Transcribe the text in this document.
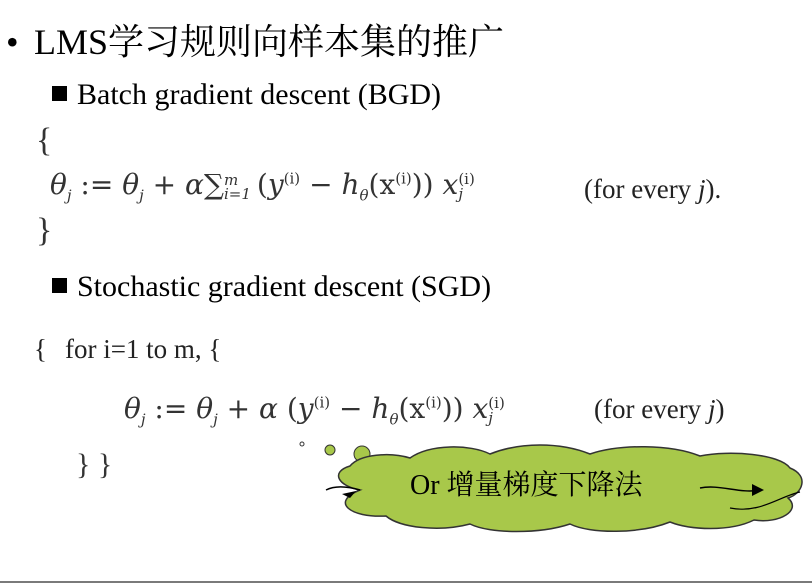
• LMS学习规则向样本集的推广
Batch gradient descent (BGD)
{
$\theta_j$ := $\theta_j + \alpha\sum m$
i=1 $(y^{(i)} - h_\theta(x^{(i)}))$ x(i)
j	(for every j).
}
Stochastic gradient descent (SGD)
{ for i=1 to m, {
$\theta_j$ := $\theta_j + \alpha$ $(y^{(i)} - h_\theta(x^{(i)}))$ x(i)
j	(for every j)
} }
Or 增量梯度下降法
